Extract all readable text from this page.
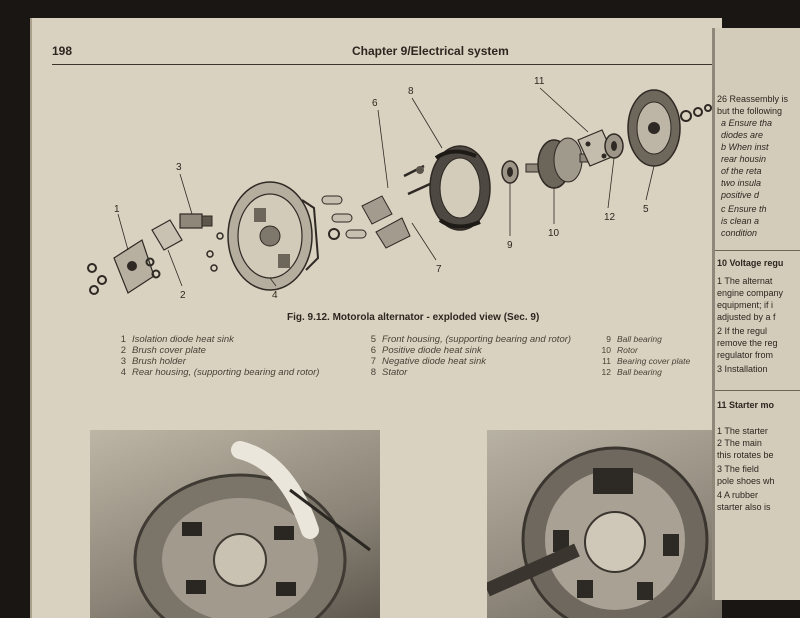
198	Chapter 9/Electrical system
1
2
3
4
5
6
7
8
9
10
11
12
Fig. 9.12. Motorola alternator - exploded view (Sec. 9)
1 Isolation diode heat sink
2 Brush cover plate
3 Brush holder
4 Rear housing, (supporting bearing and rotor)
5 Front housing, (supporting bearing and rotor)
6 Positive diode heat sink
7 Negative diode heat sink
8 Stator
9 Ball bearing
10 Rotor
11 Bearing cover plate
12 Ball bearing
26 Reassembly is
but the following
a Ensure tha
diodes are
b When inst
rear housin
of the reta
two insula
positive d
c Ensure th
is clean a
condition
10 Voltage regu
1 The alternat
engine company
equipment; if i
adjusted by a f
2 If the regul
remove the reg
regulator from
3 Installation
11 Starter mo
1 The starter
2 The main
this rotates be
3 The field
pole shoes wh
4 A rubber
starter also is
